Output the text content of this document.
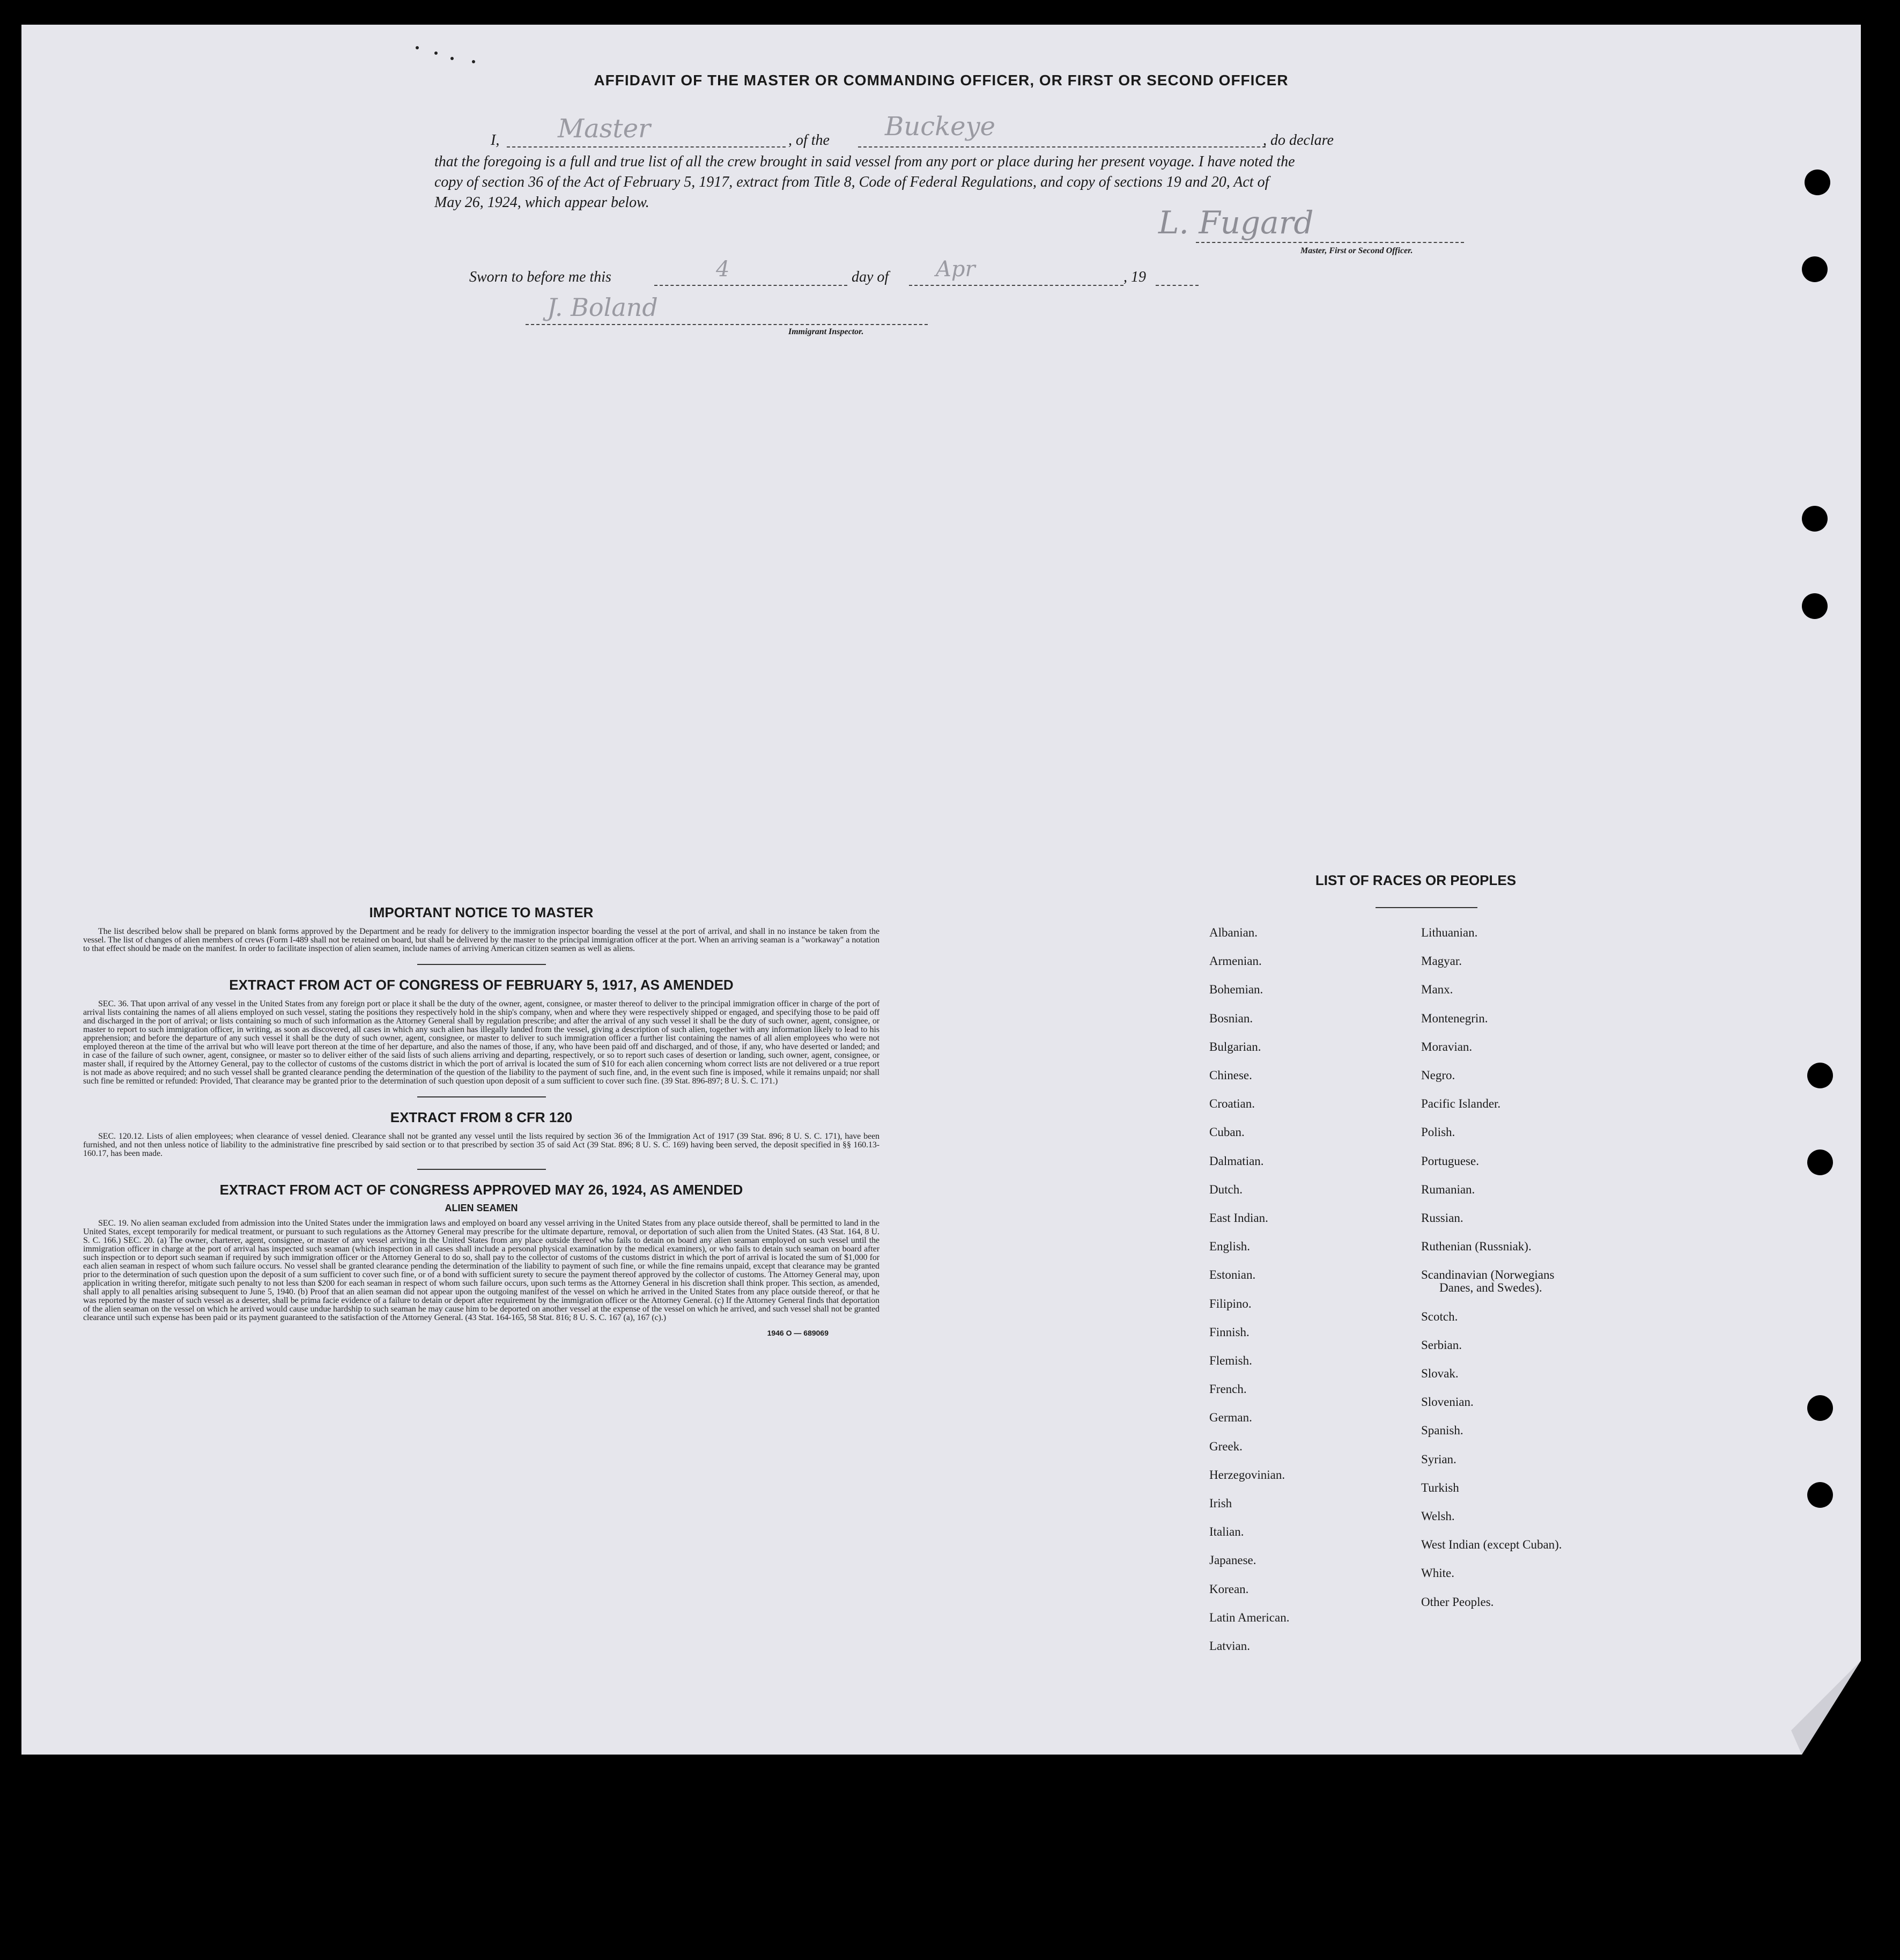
AFFIDAVIT OF THE MASTER OR COMMANDING OFFICER, OR FIRST OR SECOND OFFICER
I, Master	, of the Buckeye	, do declare
that the foregoing is a full and true list of all the crew brought in said vessel from any port or place during her present voyage. I have noted the
copy of section 36 of the Act of February 5, 1917, extract from Title 8, Code of Federal Regulations, and copy of sections 19 and 20, Act of
May 26, 1924, which appear below.
L. Fugard
Master, First or Second Officer.
Sworn to before me this	4	day of Apr	, 19
J. Boland
Immigrant Inspector.
IMPORTANT NOTICE TO MASTER
The list described below shall be prepared on blank forms approved by the Department and be ready for delivery to the immigration inspector boarding the vessel at the port of arrival, and shall in no instance be taken from the vessel. The list of changes of alien members of crews (Form I-489 shall not be retained on board, but shall be delivered by the master to the principal immigration officer at the port. When an arriving seaman is a "workaway" a notation to that effect should be made on the manifest. In order to facilitate inspection of alien seamen, include names of arriving American citizen seamen as well as aliens.
EXTRACT FROM ACT OF CONGRESS OF FEBRUARY 5, 1917, AS AMENDED
SEC. 36. That upon arrival of any vessel in the United States from any foreign port or place it shall be the duty of the owner, agent, consignee, or master thereof to deliver to the principal immigration officer in charge of the port of arrival lists containing the names of all aliens employed on such vessel, stating the positions they respectively hold in the ship's company, when and where they were respectively shipped or engaged, and specifying those to be paid off and discharged in the port of arrival; or lists containing so much of such information as the Attorney General shall by regulation prescribe; and after the arrival of any such vessel it shall be the duty of such owner, agent, consignee, or master to report to such immigration officer, in writing, as soon as discovered, all cases in which any such alien has illegally landed from the vessel, giving a description of such alien, together with any information likely to lead to his apprehension; and before the departure of any such vessel it shall be the duty of such owner, agent, consignee, or master to deliver to such immigration officer a further list containing the names of all alien employees who were not employed thereon at the time of the arrival but who will leave port thereon at the time of her departure, and also the names of those, if any, who have been paid off and discharged, and of those, if any, who have deserted or landed; and in case of the failure of such owner, agent, consignee, or master so to deliver either of the said lists of such aliens arriving and departing, respectively, or so to report such cases of desertion or landing, such owner, agent, consignee, or master shall, if required by the Attorney General, pay to the collector of customs of the customs district in which the port of arrival is located the sum of $10 for each alien concerning whom correct lists are not delivered or a true report is not made as above required; and no such vessel shall be granted clearance pending the determination of the question of the liability to the payment of such fine, and, in the event such fine is imposed, while it remains unpaid; nor shall such fine be remitted or refunded: Provided, That clearance may be granted prior to the determination of such question upon deposit of a sum sufficient to cover such fine. (39 Stat. 896-897; 8 U. S. C. 171.)
EXTRACT FROM 8 CFR 120
SEC. 120.12. Lists of alien employees; when clearance of vessel denied. Clearance shall not be granted any vessel until the lists required by section 36 of the Immigration Act of 1917 (39 Stat. 896; 8 U. S. C. 171), have been furnished, and not then unless notice of liability to the administrative fine prescribed by said section or to that prescribed by section 35 of said Act (39 Stat. 896; 8 U. S. C. 169) having been served, the deposit specified in §§ 160.13-160.17, has been made.
EXTRACT FROM ACT OF CONGRESS APPROVED MAY 26, 1924, AS AMENDED
ALIEN SEAMEN
SEC. 19. No alien seaman excluded from admission into the United States under the immigration laws and employed on board any vessel arriving in the United States from any place outside thereof, shall be permitted to land in the United States, except temporarily for medical treatment, or pursuant to such regulations as the Attorney General may prescribe for the ultimate departure, removal, or deportation of such alien from the United States. (43 Stat. 164, 8 U. S. C. 166.) SEC. 20. (a) The owner, charterer, agent, consignee, or master of any vessel arriving in the United States from any place outside thereof who fails to detain on board any alien seaman employed on such vessel until the immigration officer in charge at the port of arrival has inspected such seaman (which inspection in all cases shall include a personal physical examination by the medical examiners), or who fails to detain such seaman on board after such inspection or to deport such seaman if required by such immigration officer or the Attorney General to do so, shall pay to the collector of customs of the customs district in which the port of arrival is located the sum of $1,000 for each alien seaman in respect of whom such failure occurs. No vessel shall be granted clearance pending the determination of the liability to payment of such fine, or while the fine remains unpaid, except that clearance may be granted prior to the determination of such question upon the deposit of a sum sufficient to cover such fine, or of a bond with sufficient surety to secure the payment thereof approved by the collector of customs. The Attorney General may, upon application in writing therefor, mitigate such penalty to not less than $200 for each seaman in respect of whom such failure occurs, upon such terms as the Attorney General in his discretion shall think proper. This section, as amended, shall apply to all penalties arising subsequent to June 5, 1940. (b) Proof that an alien seaman did not appear upon the outgoing manifest of the vessel on which he arrived in the United States from any place outside thereof, or that he was reported by the master of such vessel as a deserter, shall be prima facie evidence of a failure to detain or deport after requirement by the immigration officer or the Attorney General. (c) If the Attorney General finds that deportation of the alien seaman on the vessel on which he arrived would cause undue hardship to such seaman he may cause him to be deported on another vessel at the expense of the vessel on which he arrived, and such vessel shall not be granted clearance until such expense has been paid or its payment guaranteed to the satisfaction of the Attorney General. (43 Stat. 164-165, 58 Stat. 816; 8 U. S. C. 167 (a), 167 (c).)
1946 O — 689069
LIST OF RACES OR PEOPLES
Albanian.
Armenian.
Bohemian.
Bosnian.
Bulgarian.
Chinese.
Croatian.
Cuban.
Dalmatian.
Dutch.
East Indian.
English.
Estonian.
Filipino.
Finnish.
Flemish.
French.
German.
Greek.
Herzegovinian.
Irish
Italian.
Japanese.
Korean.
Latin American.
Latvian.
Lithuanian.
Magyar.
Manx.
Montenegrin.
Moravian.
Negro.
Pacific Islander.
Polish.
Portuguese.
Rumanian.
Russian.
Ruthenian (Russniak).
Scandinavian (Norwegians
Danes, and Swedes).
Scotch.
Serbian.
Slovak.
Slovenian.
Spanish.
Syrian.
Turkish
Welsh.
West Indian (except Cuban).
White.
Other Peoples.
